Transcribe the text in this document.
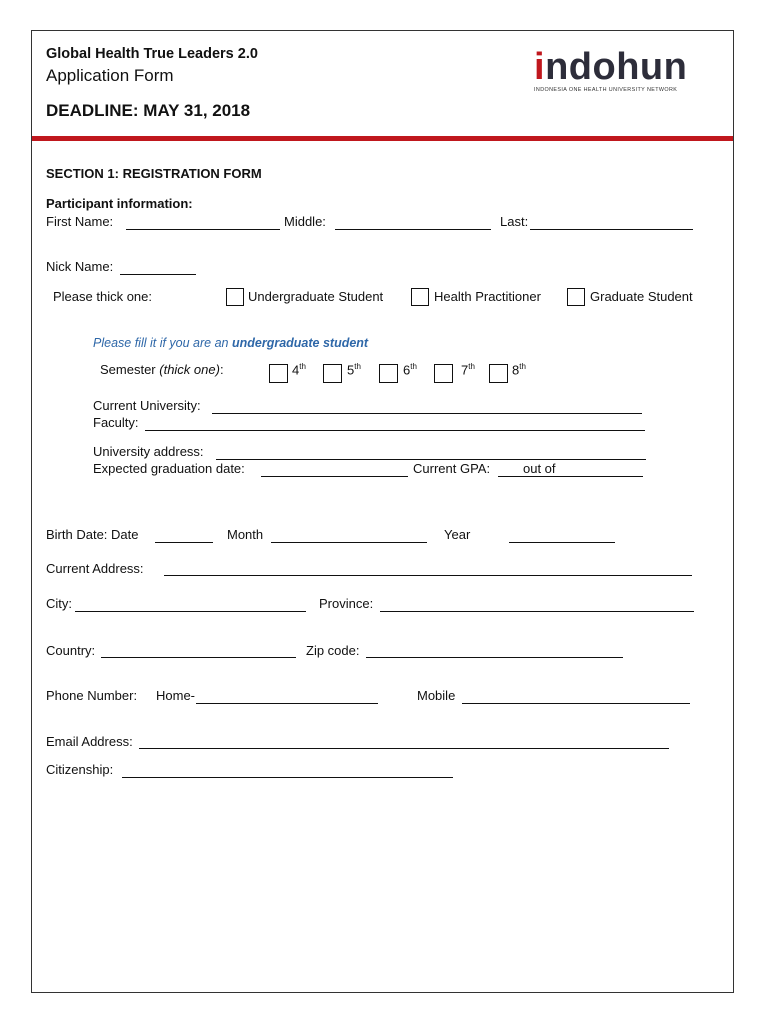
Global Health True Leaders 2.0
Application Form
DEADLINE: MAY 31, 2018
indohun
INDONESIA ONE HEALTH UNIVERSITY NETWORK
SECTION 1: REGISTRATION FORM
Participant information:
First Name:	Middle:	Last:
Nick Name:
Please thick one:	Undergraduate Student	Health Practitioner	Graduate Student
Please fill it if you are an undergraduate student
Semester (thick one):	4th	5th	6th	7th	8th
Current University:
Faculty:
University address:
Expected graduation date:	Current GPA:	out of
Birth Date: Date	Month	Year
Current Address:
City:	Province:
Country:	Zip code:
Phone Number: Home-	Mobile
Email Address:
Citizenship:
